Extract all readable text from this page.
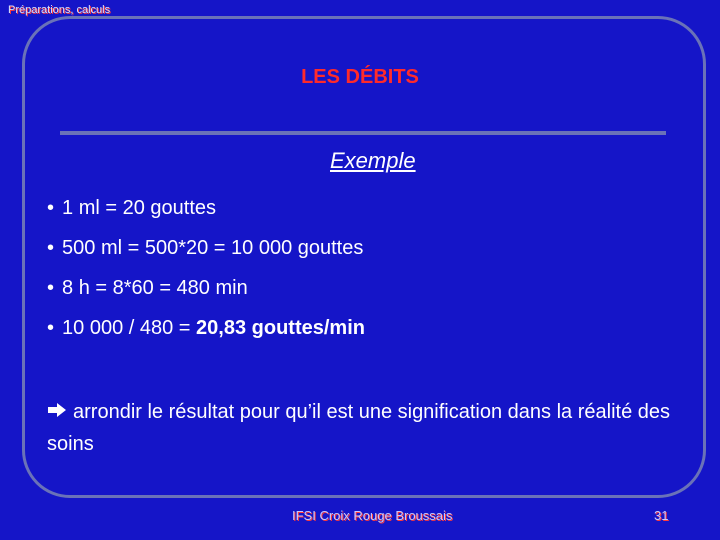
Préparations, calculs
LES DÉBITS
Exemple
• 1 ml = 20 gouttes
• 500 ml = 500*20 = 10 000 gouttes
• 8 h = 8*60 = 480 min
• 10 000 / 480 = 20,83 gouttes/min
arrondir le résultat pour qu’il est une signification dans la réalité des soins
IFSI Croix Rouge Broussais	31
